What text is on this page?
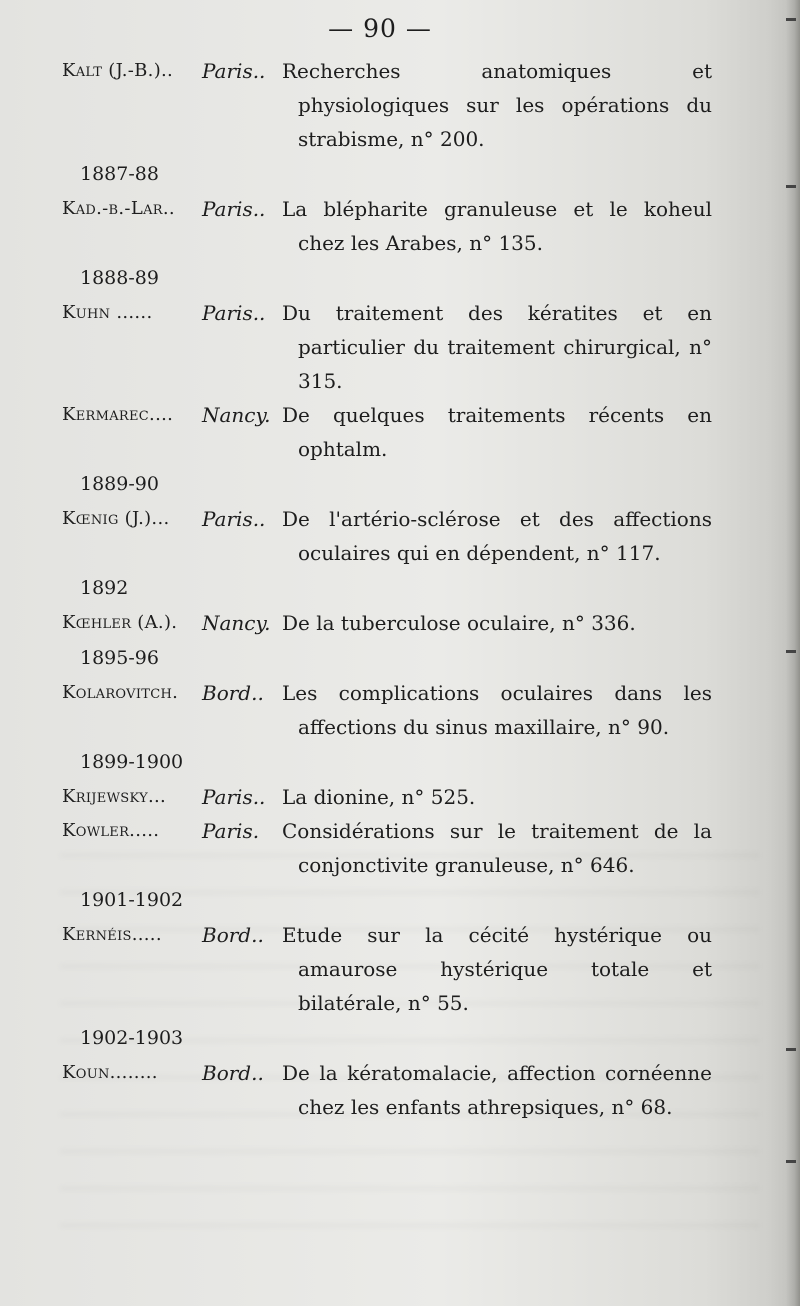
— 90 —
Kalt (J.-B.)..	Paris.. Recherches anatomiques et physiologiques sur les opérations du strabisme, n° 200.
1887-88
Kad.-b.-Lar..	Paris.. La blépharite granuleuse et le koheul chez les Arabes, n° 135.
1888-89
Kuhn ......	Paris.. Du traitement des kératites et en particulier du traitement chirurgical, n° 315.
Kermarec....	Nancy. De quelques traitements récents en ophtalm.
1889-90
Kœnig (J.)...	Paris.. De l'artério-sclérose et des affections oculaires qui en dépendent, n° 117.
1892
Kœhler (A.).	Nancy. De la tuberculose oculaire, n° 336.
1895-96
Kolarovitch.	Bord.. Les complications oculaires dans les affections du sinus maxillaire, n° 90.
1899-1900
Krijewsky...	Paris.. La dionine, n° 525.
Kowler.....	Paris.	Considérations sur le traitement de la conjonctivite granuleuse, n° 646.
1901-1902
Kernéis.....	Bord.. Etude sur la cécité hystérique ou amaurose hystérique totale et bilatérale, n° 55.
1902-1903
Koun........	Bord.. De la kératomalacie, affection cornéenne chez les enfants athrepsiques, n° 68.
